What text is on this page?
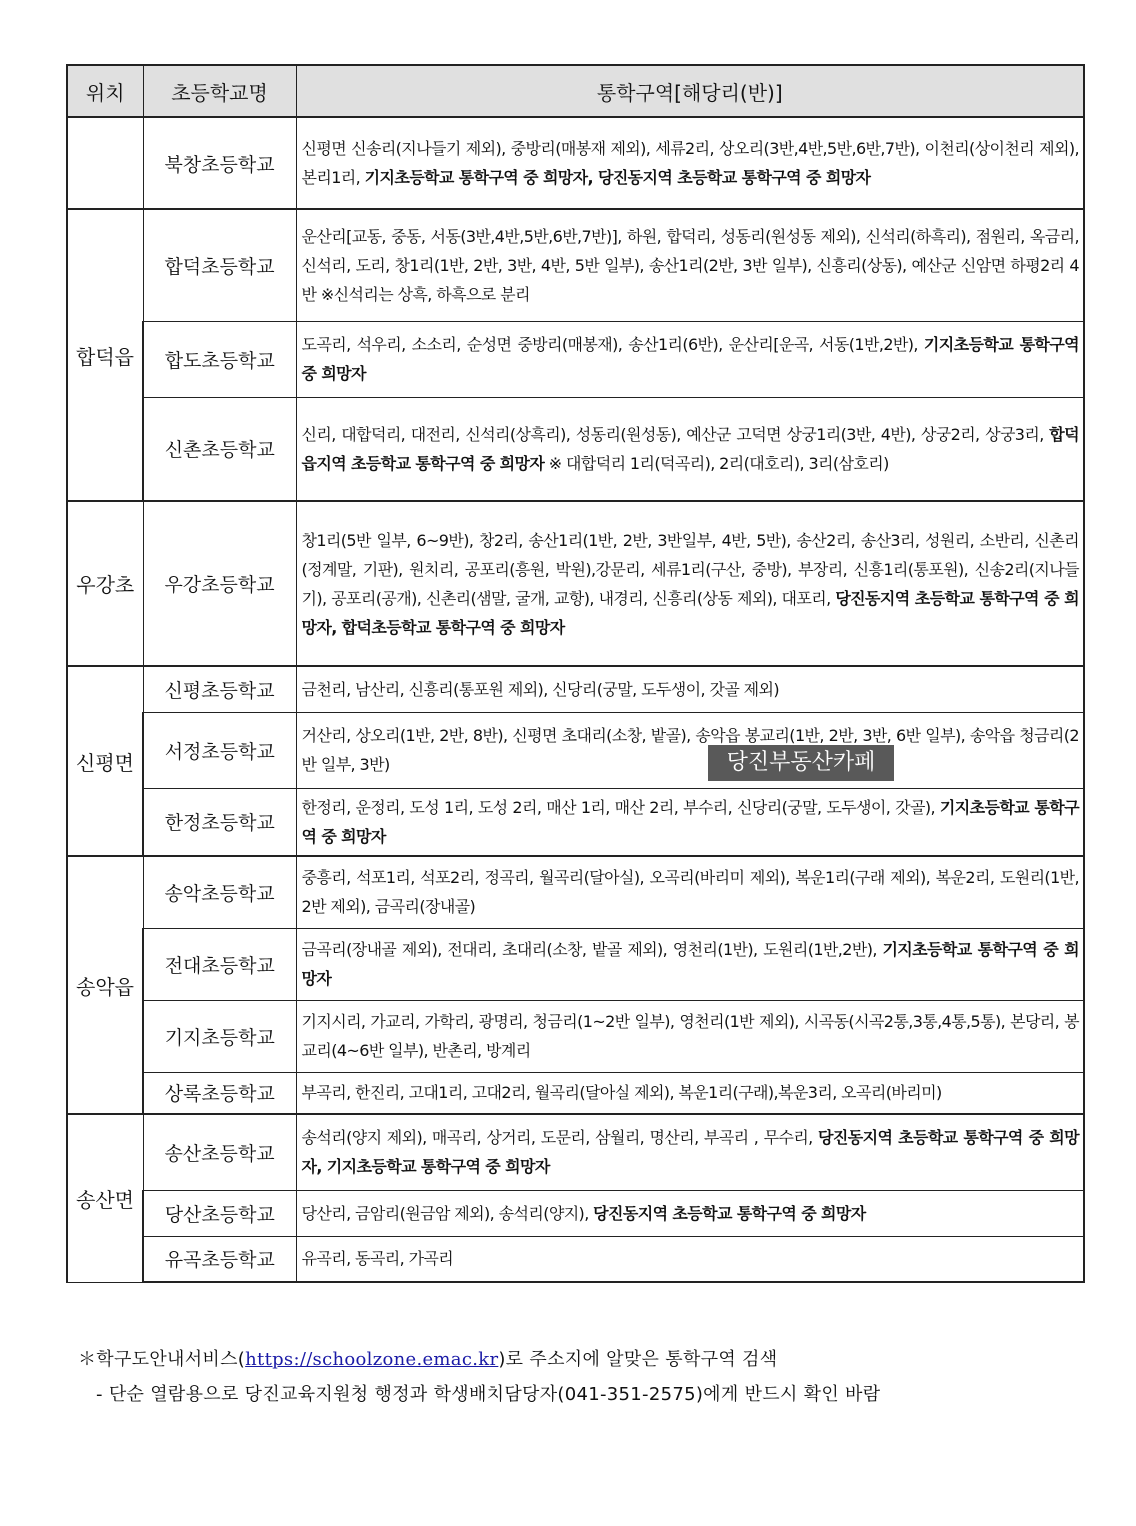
위치	초등학교명	통학구역[해당리(반)]
	북창초등학교	신평면 신송리(지나들기 제외), 중방리(매봉재 제외), 세류2리, 상오리(3반,4반,5반,6반,7반), 이천리(상이천리 제외), 본리1리, 기지초등학교 통학구역 중 희망자, 당진동지역 초등학교 통학구역 중 희망자
합덕읍	합덕초등학교	운산리[교동, 중동, 서동(3반,4반,5반,6반,7반)], 하원, 합덕리, 성동리(원성동 제외), 신석리(하흑리), 점원리, 옥금리, 신석리, 도리, 창1리(1반, 2반, 3반, 4반, 5반 일부), 송산1리(2반, 3반 일부), 신흥리(상동), 예산군 신암면 하평2리 4반 ※신석리는 상흑, 하흑으로 분리
	합도초등학교	도곡리, 석우리, 소소리, 순성면 중방리(매봉재), 송산1리(6반), 운산리[운곡, 서동(1반,2반), 기지초등학교 통학구역 중 희망자
	신촌초등학교	신리, 대합덕리, 대전리, 신석리(상흑리), 성동리(원성동), 예산군 고덕면 상궁1리(3반, 4반), 상궁2리, 상궁3리, 합덕읍지역 초등학교 통학구역 중 희망자 ※ 대합덕리 1리(덕곡리), 2리(대호리), 3리(삼호리)
우강초	우강초등학교	창1리(5반 일부, 6~9반), 창2리, 송산1리(1반, 2반, 3반일부, 4반, 5반), 송산2리, 송산3리, 성원리, 소반리, 신촌리(정계말, 기판), 원치리, 공포리(흥원, 박원),강문리, 세류1리(구산, 중방), 부장리, 신흥1리(통포원), 신송2리(지나들기), 공포리(공개), 신촌리(샘말, 굴개, 교항), 내경리, 신흥리(상동 제외), 대포리, 당진동지역 초등학교 통학구역 중 희망자, 합덕초등학교 통학구역 중 희망자
신평면	신평초등학교	금천리, 남산리, 신흥리(통포원 제외), 신당리(궁말, 도두생이, 갓골 제외)
	서정초등학교	거산리, 상오리(1반, 2반, 8반), 신평면 초대리(소창, 밭골), 송악읍 봉교리(1반, 2반, 3반, 6반 일부), 송악읍 청금리(2반 일부, 3반)
	한정초등학교	한정리, 운정리, 도성 1리, 도성 2리, 매산 1리, 매산 2리, 부수리, 신당리(궁말, 도두생이, 갓골), 기지초등학교 통학구역 중 희망자
송악읍	송악초등학교	중흥리, 석포1리, 석포2리, 정곡리, 월곡리(달아실), 오곡리(바리미 제외), 복운1리(구래 제외), 복운2리, 도원리(1반, 2반 제외), 금곡리(장내골)
	전대초등학교	금곡리(장내골 제외), 전대리, 초대리(소창, 밭골 제외), 영천리(1반), 도원리(1반,2반), 기지초등학교 통학구역 중 희망자
	기지초등학교	기지시리, 가교리, 가학리, 광명리, 청금리(1~2반 일부), 영천리(1반 제외), 시곡동(시곡2통,3통,4통,5통), 본당리, 봉교리(4~6반 일부), 반촌리, 방계리
	상록초등학교	부곡리, 한진리, 고대1리, 고대2리, 월곡리(달아실 제외), 복운1리(구래),복운3리, 오곡리(바리미)
송산면	송산초등학교	송석리(양지 제외), 매곡리, 상거리, 도문리, 삼월리, 명산리, 부곡리 , 무수리, 당진동지역 초등학교 통학구역 중 희망자, 기지초등학교 통학구역 중 희망자
	당산초등학교	당산리, 금암리(원금암 제외), 송석리(양지), 당진동지역 초등학교 통학구역 중 희망자
	유곡초등학교	유곡리, 동곡리, 가곡리
당진부동산카페
＊학구도안내서비스(https://schoolzone.emac.kr)로 주소지에 알맞은 통학구역 검색
- 단순 열람용으로 당진교육지원청 행정과 학생배치담당자(041-351-2575)에게 반드시 확인 바람
